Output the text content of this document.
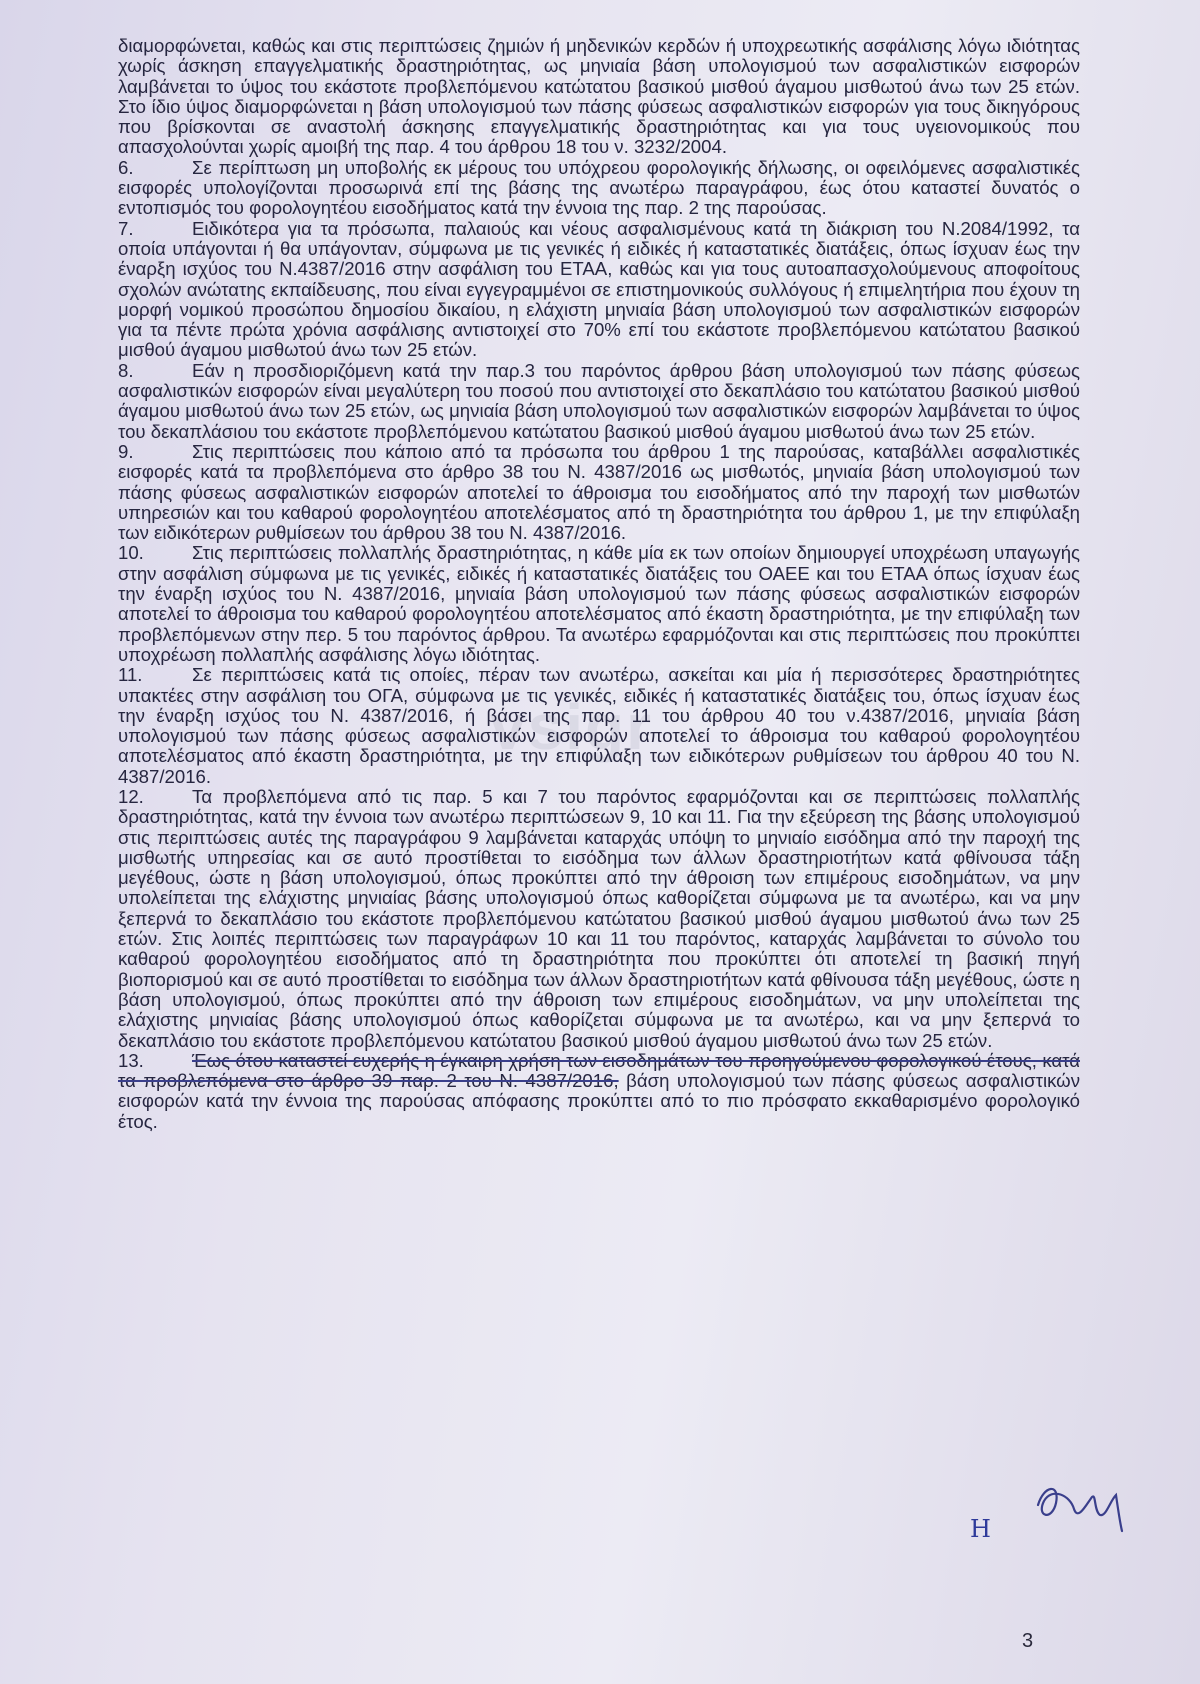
vsigr

διαμορφώνεται, καθώς και στις περιπτώσεις ζημιών ή μηδενικών κερδών ή υποχρεωτικής ασφάλισης λόγω ιδιότητας χωρίς άσκηση επαγγελματικής δραστηριότητας, ως μηνιαία βάση υπολογισμού των ασφαλιστικών εισφορών λαμβάνεται το ύψος του εκάστοτε προβλεπόμενου κατώτατου βασικού μισθού άγαμου μισθωτού άνω των 25 ετών. Στο ίδιο ύψος διαμορφώνεται η βάση υπολογισμού των πάσης φύσεως ασφαλιστικών εισφορών για τους δικηγόρους που βρίσκονται σε αναστολή άσκησης επαγγελματικής δραστηριότητας και για τους υγειονομικούς που απασχολούνται χωρίς αμοιβή της παρ. 4 του άρθρου 18 του ν. 3232/2004.

6.	Σε περίπτωση μη υποβολής εκ μέρους του υπόχρεου φορολογικής δήλωσης, οι οφειλόμενες ασφαλιστικές εισφορές υπολογίζονται προσωρινά επί της βάσης της ανωτέρω παραγράφου, έως ότου καταστεί δυνατός ο εντοπισμός του φορολογητέου εισοδήματος κατά την έννοια της παρ. 2 της παρούσας.

7.	Ειδικότερα για τα πρόσωπα, παλαιούς και νέους ασφαλισμένους κατά τη διάκριση του Ν.2084/1992, τα οποία υπάγονται ή θα υπάγονταν, σύμφωνα με τις γενικές ή ειδικές ή καταστατικές διατάξεις, όπως ίσχυαν έως την έναρξη ισχύος του Ν.4387/2016 στην ασφάλιση του ΕΤΑΑ, καθώς και για τους αυτοαπασχολούμενους αποφοίτους σχολών ανώτατης εκπαίδευσης, που είναι εγγεγραμμένοι σε επιστημονικούς συλλόγους ή επιμελητήρια που έχουν τη μορφή νομικού προσώπου δημοσίου δικαίου, η ελάχιστη μηνιαία βάση υπολογισμού των ασφαλιστικών εισφορών για τα πέντε πρώτα χρόνια ασφάλισης αντιστοιχεί στο 70% επί του εκάστοτε προβλεπόμενου κατώτατου βασικού μισθού άγαμου μισθωτού άνω των 25 ετών.

8.	Εάν η προσδιοριζόμενη κατά την παρ.3 του παρόντος άρθρου βάση υπολογισμού των πάσης φύσεως ασφαλιστικών εισφορών είναι μεγαλύτερη του ποσού που αντιστοιχεί στο δεκαπλάσιο του κατώτατου βασικού μισθού άγαμου μισθωτού άνω των 25 ετών, ως μηνιαία βάση υπολογισμού των ασφαλιστικών εισφορών λαμβάνεται το ύψος του δεκαπλάσιου του εκάστοτε προβλεπόμενου κατώτατου βασικού μισθού άγαμου μισθωτού άνω των 25 ετών.

9.	Στις περιπτώσεις που κάποιο από τα πρόσωπα του άρθρου 1 της παρούσας, καταβάλλει ασφαλιστικές εισφορές κατά τα προβλεπόμενα στο άρθρο 38 του Ν. 4387/2016 ως μισθωτός, μηνιαία βάση υπολογισμού των πάσης φύσεως ασφαλιστικών εισφορών αποτελεί το άθροισμα του εισοδήματος από την παροχή των μισθωτών υπηρεσιών και του καθαρού φορολογητέου αποτελέσματος από τη δραστηριότητα του άρθρου 1, με την επιφύλαξη των ειδικότερων ρυθμίσεων του άρθρου 38 του Ν. 4387/2016.

10.	Στις περιπτώσεις πολλαπλής δραστηριότητας, η κάθε μία εκ των οποίων δημιουργεί υποχρέωση υπαγωγής στην ασφάλιση σύμφωνα με τις γενικές, ειδικές ή καταστατικές διατάξεις του ΟΑΕΕ και του ΕΤΑΑ όπως ίσχυαν έως την έναρξη ισχύος του Ν. 4387/2016, μηνιαία βάση υπολογισμού των πάσης φύσεως ασφαλιστικών εισφορών αποτελεί το άθροισμα του καθαρού φορολογητέου αποτελέσματος από έκαστη δραστηριότητα, με την επιφύλαξη των προβλεπόμενων στην περ. 5 του παρόντος άρθρου. Τα ανωτέρω εφαρμόζονται και στις περιπτώσεις που προκύπτει υποχρέωση πολλαπλής ασφάλισης λόγω ιδιότητας.

11.	Σε περιπτώσεις κατά τις οποίες, πέραν των ανωτέρω, ασκείται και μία ή περισσότερες δραστηριότητες υπακτέες στην ασφάλιση του ΟΓΑ, σύμφωνα με τις γενικές, ειδικές ή καταστατικές διατάξεις του, όπως ίσχυαν έως την έναρξη ισχύος του Ν. 4387/2016, ή βάσει της παρ. 11 του άρθρου 40 του ν.4387/2016, μηνιαία βάση υπολογισμού των πάσης φύσεως ασφαλιστικών εισφορών αποτελεί το άθροισμα του καθαρού φορολογητέου αποτελέσματος από έκαστη δραστηριότητα, με την επιφύλαξη των ειδικότερων ρυθμίσεων του άρθρου 40 του Ν. 4387/2016.

12.	Τα προβλεπόμενα από τις παρ. 5 και 7 του παρόντος εφαρμόζονται και σε περιπτώσεις πολλαπλής δραστηριότητας, κατά την έννοια των ανωτέρω περιπτώσεων 9, 10 και 11. Για την εξεύρεση της βάσης υπολογισμού στις περιπτώσεις αυτές της παραγράφου 9 λαμβάνεται καταρχάς υπόψη το μηνιαίο εισόδημα από την παροχή της μισθωτής υπηρεσίας και σε αυτό προστίθεται το εισόδημα των άλλων δραστηριοτήτων κατά φθίνουσα τάξη μεγέθους, ώστε η βάση υπολογισμού, όπως προκύπτει από την άθροιση των επιμέρους εισοδημάτων, να μην υπολείπεται της ελάχιστης μηνιαίας βάσης υπολογισμού όπως καθορίζεται σύμφωνα με τα ανωτέρω, και να μην ξεπερνά το δεκαπλάσιο του εκάστοτε προβλεπόμενου κατώτατου βασικού μισθού άγαμου μισθωτού άνω των 25 ετών. Στις λοιπές περιπτώσεις των παραγράφων 10 και 11 του παρόντος, καταρχάς λαμβάνεται το σύνολο του καθαρού φορολογητέου εισοδήματος από τη δραστηριότητα που προκύπτει ότι αποτελεί τη βασική πηγή βιοπορισμού και σε αυτό προστίθεται το εισόδημα των άλλων δραστηριοτήτων κατά φθίνουσα τάξη μεγέθους, ώστε η βάση υπολογισμού, όπως προκύπτει από την άθροιση των επιμέρους εισοδημάτων, να μην υπολείπεται της ελάχιστης μηνιαίας βάσης υπολογισμού όπως καθορίζεται σύμφωνα με τα ανωτέρω, και να μην ξεπερνά το δεκαπλάσιο του εκάστοτε προβλεπόμενου κατώτατου βασικού μισθού άγαμου μισθωτού άνω των 25 ετών.

13.	Έως ότου καταστεί ευχερής η έγκαιρη χρήση των εισοδημάτων του προηγούμενου φορολογικού έτους, κατά τα προβλεπόμενα στο άρθρο 39 παρ. 2 του Ν. 4387/2016, βάση υπολογισμού των πάσης φύσεως ασφαλιστικών εισφορών κατά την έννοια της παρούσας απόφασης προκύπτει από το πιο πρόσφατο εκκαθαρισμένο φορολογικό έτος.

Η
3
